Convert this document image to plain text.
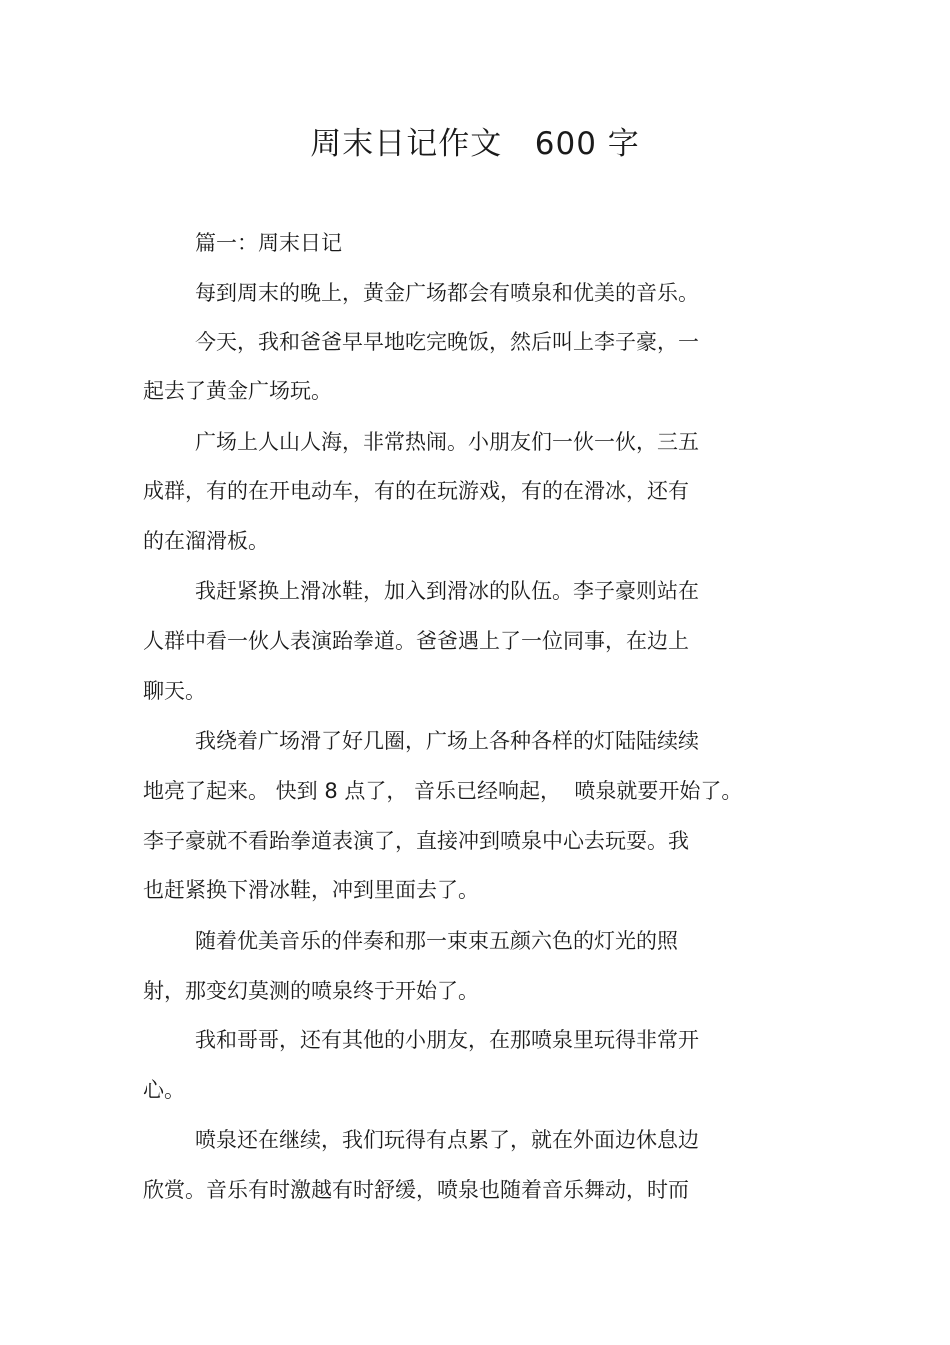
周末日记作文   600 字
篇一：周末日记
每到周末的晚上，黄金广场都会有喷泉和优美的音乐。
今天，我和爸爸早早地吃完晚饭，然后叫上李子豪，一
起去了黄金广场玩。
广场上人山人海，非常热闹。小朋友们一伙一伙，三五
成群，有的在开电动车，有的在玩游戏，有的在滑冰，还有
的在溜滑板。
我赶紧换上滑冰鞋，加入到滑冰的队伍。李子豪则站在
人群中看一伙人表演跆拳道。爸爸遇上了一位同事，在边上
聊天。
我绕着广场滑了好几圈，广场上各种各样的灯陆陆续续
地亮了起来。 快到 8 点了， 音乐已经响起，  喷泉就要开始了。
李子豪就不看跆拳道表演了，直接冲到喷泉中心去玩耍。我
也赶紧换下滑冰鞋，冲到里面去了。
随着优美音乐的伴奏和那一束束五颜六色的灯光的照
射，那变幻莫测的喷泉终于开始了。
我和哥哥，还有其他的小朋友，在那喷泉里玩得非常开
心。
喷泉还在继续，我们玩得有点累了，就在外面边休息边
欣赏。音乐有时激越有时舒缓，喷泉也随着音乐舞动，时而
